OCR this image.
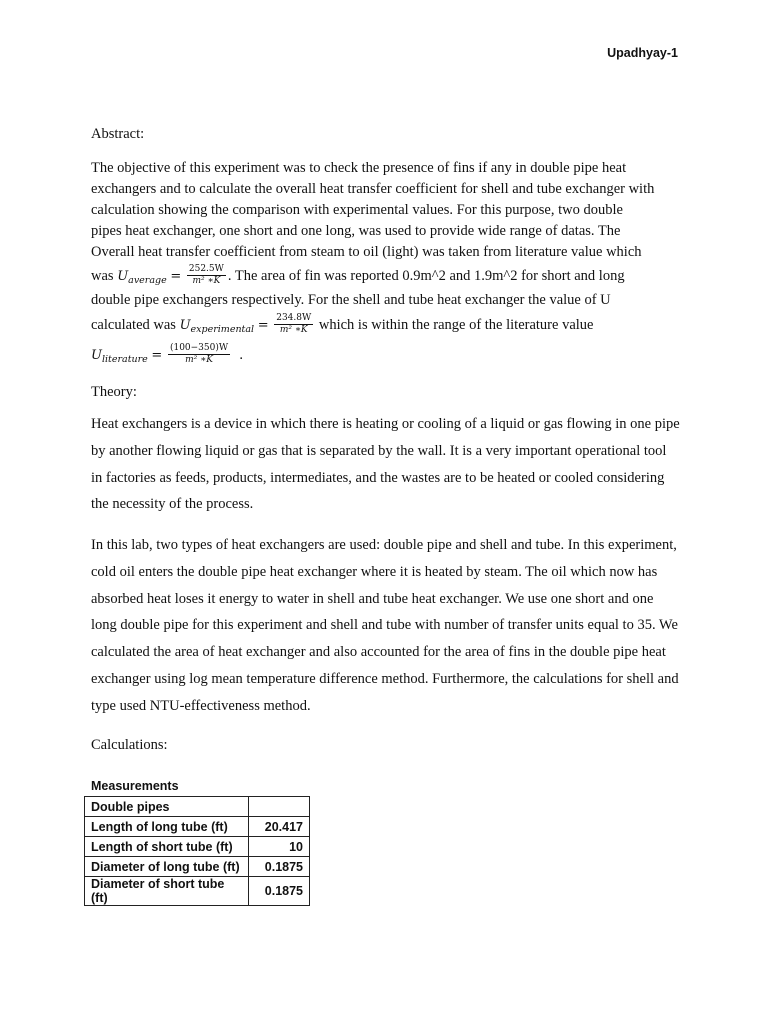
Upadhyay-1
Abstract:
The objective of this experiment was to check the presence of fins if any in double pipe heat
exchangers and to calculate the overall heat transfer coefficient for shell and tube exchanger with
calculation showing the comparison with experimental values. For this purpose, two double
pipes heat exchanger, one short and one long, was used to provide wide range of datas. The
Overall heat transfer coefficient from steam to oil (light) was taken from literature value which
was $U_{average} = \frac{252.5W}{\text{m² ∗K}}$ . The area of fin was reported 0.9m^2 and 1.9m^2 for short and long
double pipe exchangers respectively. For the shell and tube heat exchanger the value of U
calculated was $U_{experimental} = \frac{234.8W}{\text{m² ∗K}}$ which is within the range of the literature value
$U_{literature} = \frac{(100-350)W}{\text{m² ∗K}}$ .
Theory:
Heat exchangers is a device in which there is heating or cooling of a liquid or gas flowing in one pipe by another flowing liquid or gas that is separated by the wall. It is a very important operational tool in factories as feeds, products, intermediates, and the wastes are to be heated or cooled considering the necessity of the process.
In this lab, two types of heat exchangers are used: double pipe and shell and tube. In this experiment, cold oil enters the double pipe heat exchanger where it is heated by steam. The oil which now has absorbed heat loses it energy to water in shell and tube heat exchanger. We use one short and one long double pipe for this experiment and shell and tube with number of transfer units equal to 35. We calculated the area of heat exchanger and also accounted for the area of fins in the double pipe heat exchanger using log mean temperature difference method. Furthermore, the calculations for shell and type used NTU-effectiveness method.
Calculations:
Measurements
Double pipes	
Length of long tube (ft)	20.417
Length of short tube (ft)	10
Diameter of long tube (ft)	0.1875
Diameter of short tube (ft)	0.1875
